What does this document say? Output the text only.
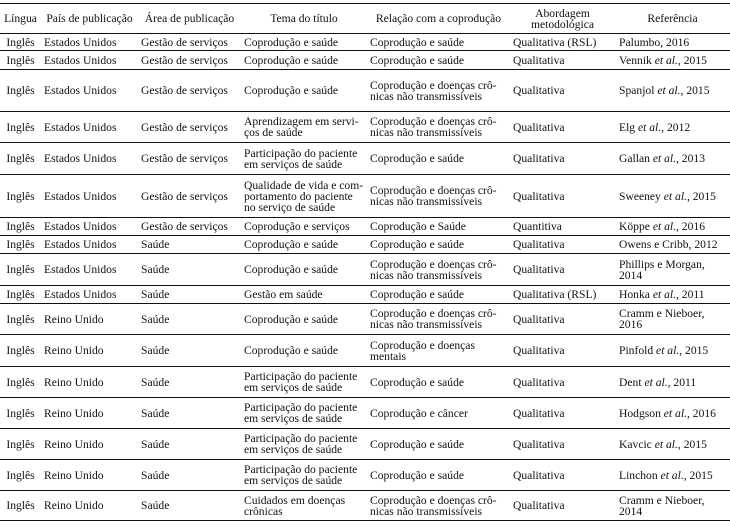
Língua	País de publicação	Área de publicação	Tema do título	Relação com a coprodução	Abordagem metodológica	Referência
Inglês	Estados Unidos	Gestão de serviços	Coprodução e saúde	Coprodução e saúde	Qualitativa (RSL)	Palumbo, 2016
Inglês	Estados Unidos	Gestão de serviços	Coprodução e saúde	Coprodução e saúde	Qualitativa	Vennik et al., 2015
Inglês	Estados Unidos	Gestão de serviços	Coprodução e saúde	Coprodução e doenças crô-nicas não transmissíveis	Qualitativa	Spanjol et al., 2015
Inglês	Estados Unidos	Gestão de serviços	Aprendizagem em servi-ços de saúde	Coprodução e doenças crô-nicas não transmissíveis	Qualitativa	Elg et al., 2012
Inglês	Estados Unidos	Gestão de serviços	Participação do paciente em serviços de saúde	Coprodução e saúde	Qualitativa	Gallan et al., 2013
Inglês	Estados Unidos	Gestão de serviços	Qualidade de vida e com-portamento do paciente no serviço de saúde	Coprodução e doenças crô-nicas não transmissíveis	Qualitativa	Sweeney et al., 2015
Inglês	Estados Unidos	Gestão de serviços	Coprodução e serviços	Coprodução e Saúde	Quantitiva	Köppe et al., 2016
Inglês	Estados Unidos	Saúde	Coprodução e saúde	Coprodução e saúde	Qualitativa	Owens e Cribb, 2012
Inglês	Estados Unidos	Saúde	Coprodução e saúde	Coprodução e doenças crô-nicas não transmissíveis	Qualitativa	Phillips e Morgan, 2014
Inglês	Estados Unidos	Saúde	Gestão em saúde	Coprodução e saúde	Qualitativa (RSL)	Honka et al., 2011
Inglês	Reino Unido	Saúde	Coprodução e saúde	Coprodução e doenças crô-nicas não transmissíveis	Qualitativa	Cramm e Nieboer, 2016
Inglês	Reino Unido	Saúde	Coprodução e saúde	Coprodução e doenças mentais	Qualitativa	Pinfold et al., 2015
Inglês	Reino Unido	Saúde	Participação do paciente em serviços de saúde	Coprodução e saúde	Qualitativa	Dent et al., 2011
Inglês	Reino Unido	Saúde	Participação do paciente em serviços de saúde	Coprodução e câncer	Qualitativa	Hodgson et al., 2016
Inglês	Reino Unido	Saúde	Participação do paciente em serviços de saúde	Coprodução e saúde	Qualitativa	Kavcic et al., 2015
Inglês	Reino Unido	Saúde	Participação do paciente em serviços de saúde	Coprodução e saúde	Qualitativa	Linchon et al., 2015
Inglês	Reino Unido	Saúde	Cuidados em doenças crônicas	Coprodução e doenças crô-nicas não transmissíveis	Qualitativa	Cramm e Nieboer, 2014
